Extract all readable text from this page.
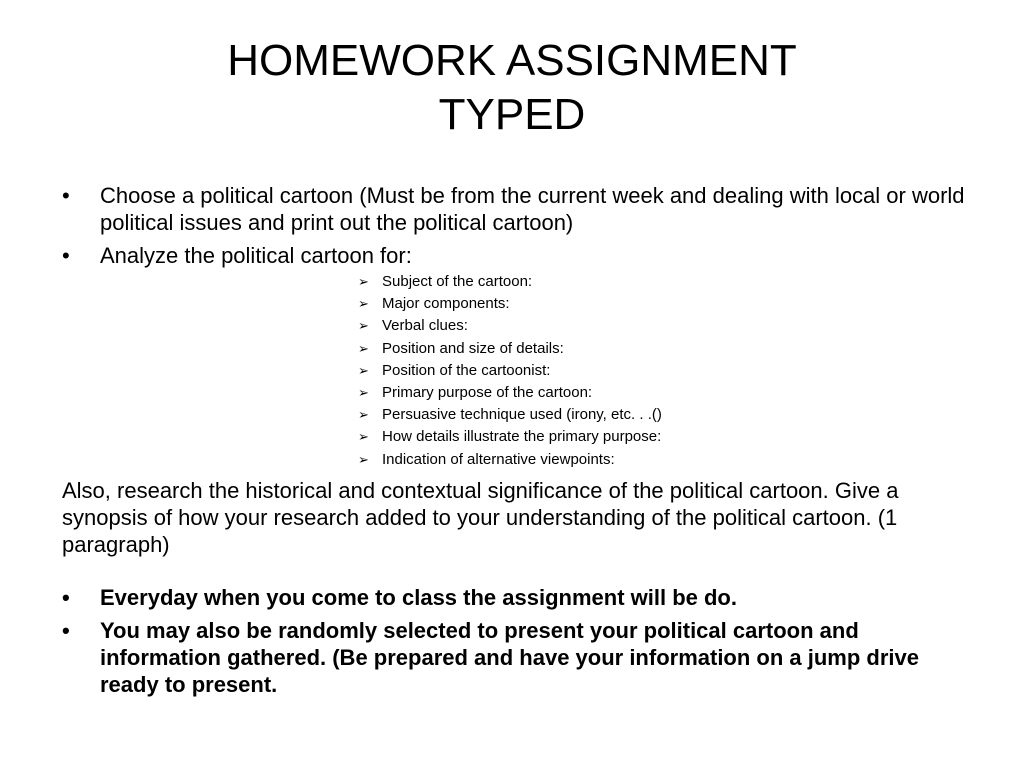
HOMEWORK ASSIGNMENT
TYPED
• Choose a political cartoon (Must be from the current week and dealing with local or world political issues and print out the political cartoon)
• Analyze the political cartoon for:
➢ Subject of the cartoon:
➢ Major components:
➢ Verbal clues:
➢ Position and size of details:
➢ Position of the cartoonist:
➢ Primary purpose of the cartoon:
➢ Persuasive technique used (irony, etc. . .()
➢ How details illustrate the primary purpose:
➢ Indication of alternative viewpoints:

Also, research the historical and contextual significance of the political cartoon. Give a synopsis of how your research added to your understanding of the political cartoon. (1 paragraph)

• Everyday when you come to class the assignment will be do.
• You may also be randomly selected to present your political cartoon and information gathered. (Be prepared and have your information on a jump drive ready to present.
